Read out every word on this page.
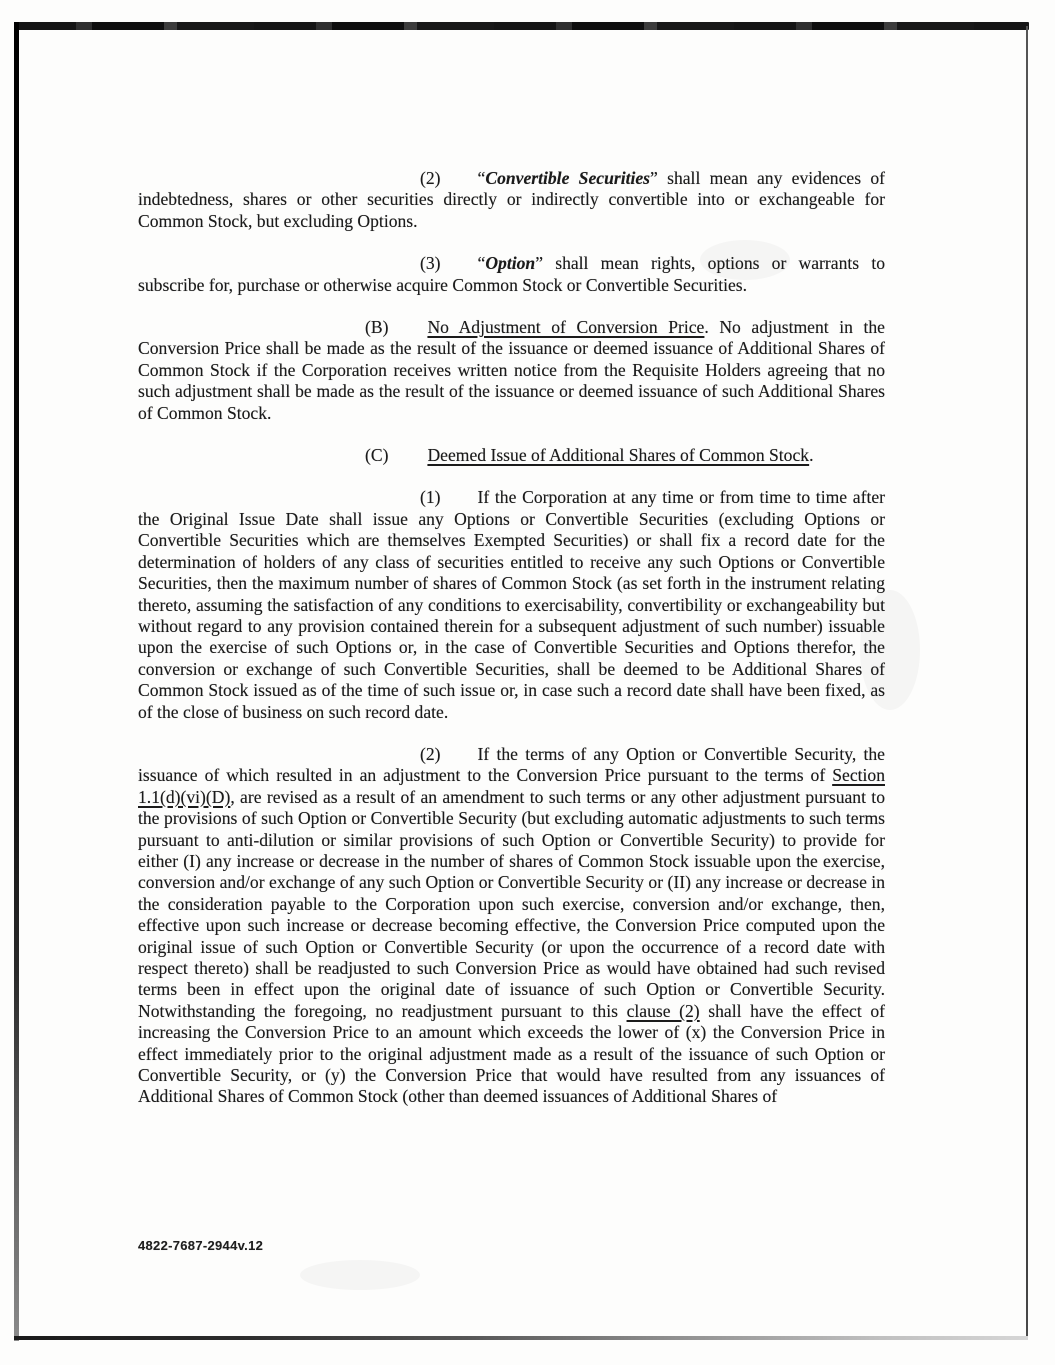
(2) “Convertible Securities” shall mean any evidences of indebtedness, shares or other securities directly or indirectly convertible into or exchangeable for Common Stock, but excluding Options.

(3) “Option” shall mean rights, options or warrants to subscribe for, purchase or otherwise acquire Common Stock or Convertible Securities.

(B) No Adjustment of Conversion Price. No adjustment in the Conversion Price shall be made as the result of the issuance or deemed issuance of Additional Shares of Common Stock if the Corporation receives written notice from the Requisite Holders agreeing that no such adjustment shall be made as the result of the issuance or deemed issuance of such Additional Shares of Common Stock.

(C) Deemed Issue of Additional Shares of Common Stock.

(1) If the Corporation at any time or from time to time after the Original Issue Date shall issue any Options or Convertible Securities (excluding Options or Convertible Securities which are themselves Exempted Securities) or shall fix a record date for the determination of holders of any class of securities entitled to receive any such Options or Convertible Securities, then the maximum number of shares of Common Stock (as set forth in the instrument relating thereto, assuming the satisfaction of any conditions to exercisability, convertibility or exchangeability but without regard to any provision contained therein for a subsequent adjustment of such number) issuable upon the exercise of such Options or, in the case of Convertible Securities and Options therefor, the conversion or exchange of such Convertible Securities, shall be deemed to be Additional Shares of Common Stock issued as of the time of such issue or, in case such a record date shall have been fixed, as of the close of business on such record date.

(2) If the terms of any Option or Convertible Security, the issuance of which resulted in an adjustment to the Conversion Price pursuant to the terms of Section 1.1(d)(vi)(D), are revised as a result of an amendment to such terms or any other adjustment pursuant to the provisions of such Option or Convertible Security (but excluding automatic adjustments to such terms pursuant to anti-dilution or similar provisions of such Option or Convertible Security) to provide for either (I) any increase or decrease in the number of shares of Common Stock issuable upon the exercise, conversion and/or exchange of any such Option or Convertible Security or (II) any increase or decrease in the consideration payable to the Corporation upon such exercise, conversion and/or exchange, then, effective upon such increase or decrease becoming effective, the Conversion Price computed upon the original issue of such Option or Convertible Security (or upon the occurrence of a record date with respect thereto) shall be readjusted to such Conversion Price as would have obtained had such revised terms been in effect upon the original date of issuance of such Option or Convertible Security. Notwithstanding the foregoing, no readjustment pursuant to this clause (2) shall have the effect of increasing the Conversion Price to an amount which exceeds the lower of (x) the Conversion Price in effect immediately prior to the original adjustment made as a result of the issuance of such Option or Convertible Security, or (y) the Conversion Price that would have resulted from any issuances of Additional Shares of Common Stock (other than deemed issuances of Additional Shares of

4822-7687-2944v.12
